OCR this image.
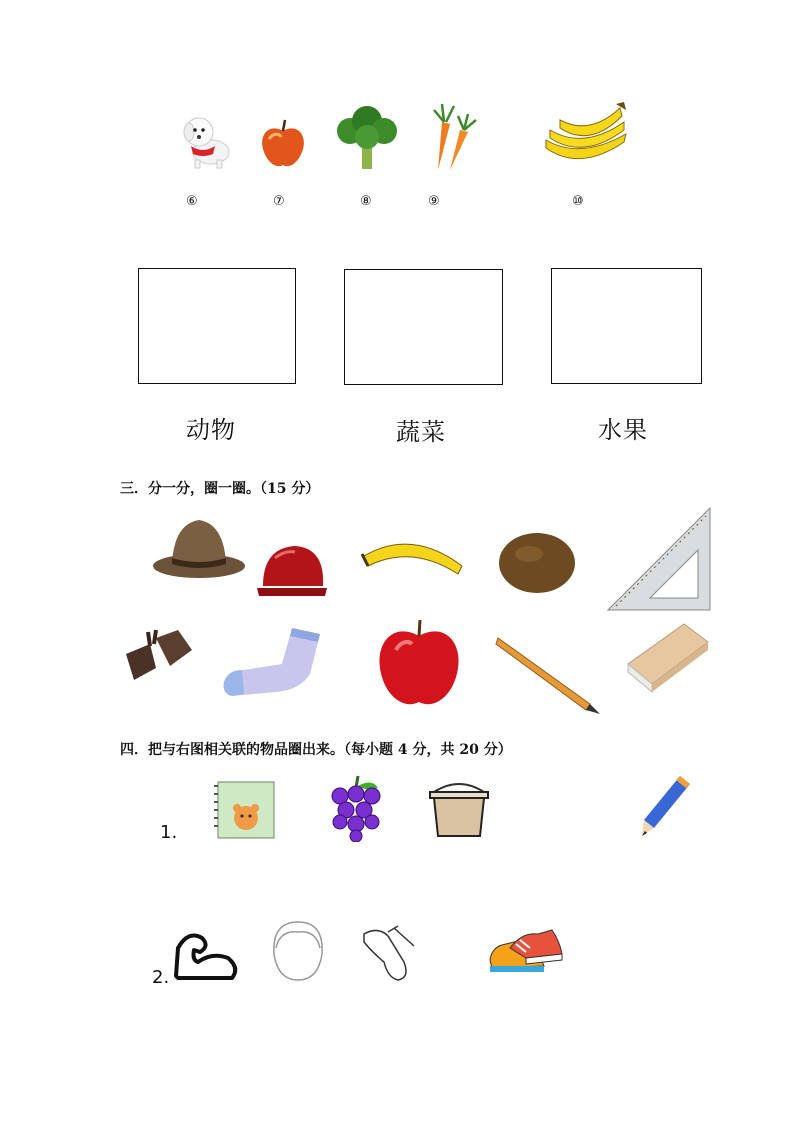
⑥	⑦	⑧	⑨	⑩
动物	蔬菜	水果
三．分一分，圈一圈。（15 分）
四．把与右图相关联的物品圈出来。（每小题 4 分，共 20 分）
1.
2.
